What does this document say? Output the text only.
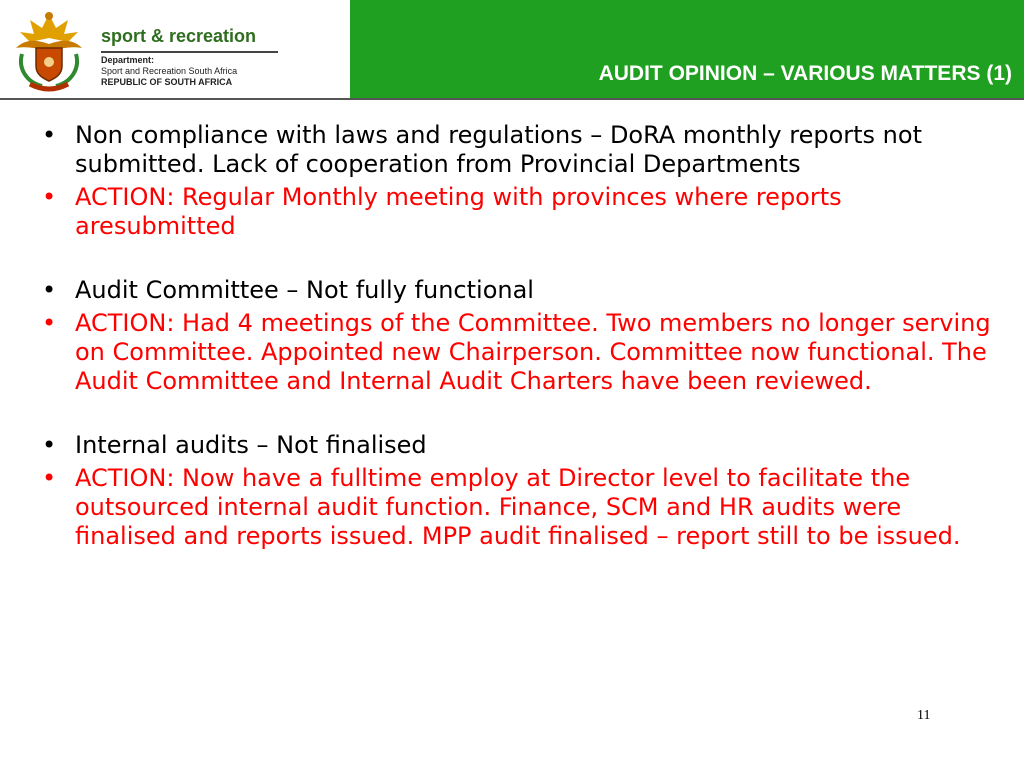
sport & recreation
Department:
Sport and Recreation South Africa
REPUBLIC OF SOUTH AFRICA	AUDIT OPINION – VARIOUS MATTERS (1)
• Non compliance with laws and regulations – DoRA monthly reports not submitted. Lack of cooperation from Provincial Departments
• ACTION: Regular Monthly meeting with provinces where reports aresubmitted
• Audit Committee – Not fully functional
• ACTION: Had 4 meetings of the Committee. Two members no longer serving on Committee. Appointed new Chairperson. Committee now functional. The Audit Committee and Internal Audit Charters have been reviewed.
• Internal audits – Not finalised
• ACTION: Now have a fulltime employ at Director level to facilitate the outsourced internal audit function. Finance, SCM and HR audits were finalised and reports issued. MPP audit finalised – report still to be issued.
11
